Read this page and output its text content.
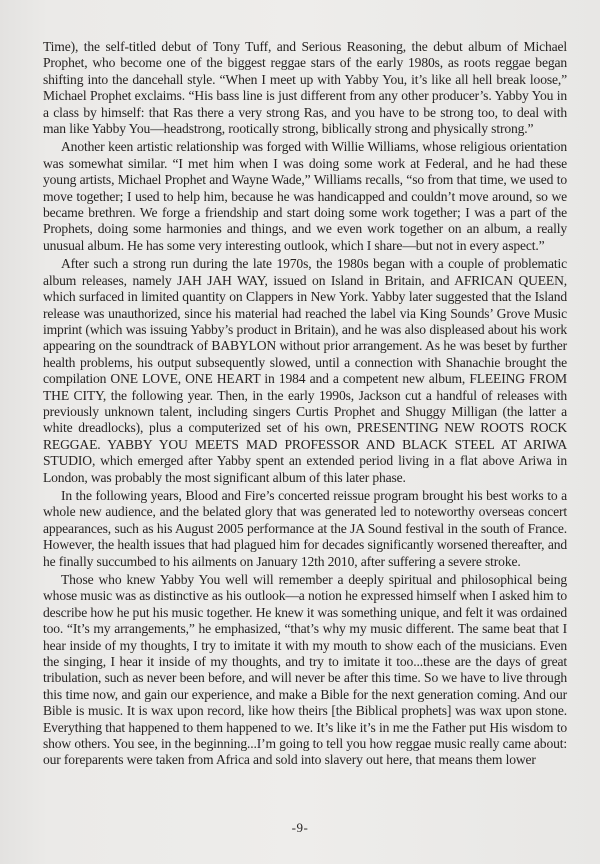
Time), the self-titled debut of Tony Tuff, and Serious Reasoning, the debut album of Michael Prophet, who become one of the biggest reggae stars of the early 1980s, as roots reggae began shifting into the dancehall style. “When I meet up with Yabby You, it’s like all hell break loose,” Michael Prophet exclaims. “His bass line is just different from any other producer’s. Yabby You in a class by himself: that Ras there a very strong Ras, and you have to be strong too, to deal with man like Yabby You—headstrong, rootically strong, biblically strong and physically strong.”

Another keen artistic relationship was forged with Willie Williams, whose religious orientation was somewhat similar. “I met him when I was doing some work at Federal, and he had these young artists, Michael Prophet and Wayne Wade,” Williams recalls, “so from that time, we used to move together; I used to help him, because he was handicapped and couldn’t move around, so we became brethren. We forge a friendship and start doing some work together; I was a part of the Prophets, doing some harmonies and things, and we even work together on an album, a really unusual album. He has some very interesting outlook, which I share—but not in every aspect.”

After such a strong run during the late 1970s, the 1980s began with a couple of problematic album releases, namely JAH JAH WAY, issued on Island in Britain, and AFRICAN QUEEN, which surfaced in limited quantity on Clappers in New York. Yabby later suggested that the Island release was unauthorized, since his material had reached the label via King Sounds’ Grove Music imprint (which was issuing Yabby’s product in Britain), and he was also displeased about his work appearing on the soundtrack of BABYLON without prior arrangement. As he was beset by further health problems, his output subsequently slowed, until a connection with Shanachie brought the compilation ONE LOVE, ONE HEART in 1984 and a competent new album, FLEEING FROM THE CITY, the following year. Then, in the early 1990s, Jackson cut a handful of releases with previously unknown talent, including singers Curtis Prophet and Shuggy Milligan (the latter a white dreadlocks), plus a computerized set of his own, PRESENTING NEW ROOTS ROCK REGGAE. YABBY YOU MEETS MAD PROFESSOR AND BLACK STEEL AT ARIWA STUDIO, which emerged after Yabby spent an extended period living in a flat above Ariwa in London, was probably the most significant album of this later phase.

In the following years, Blood and Fire’s concerted reissue program brought his best works to a whole new audience, and the belated glory that was generated led to noteworthy overseas concert appearances, such as his August 2005 performance at the JA Sound festival in the south of France. However, the health issues that had plagued him for decades significantly worsened thereafter, and he finally succumbed to his ailments on January 12th 2010, after suffering a severe stroke.

Those who knew Yabby You well will remember a deeply spiritual and philosophical being whose music was as distinctive as his outlook—a notion he expressed himself when I asked him to describe how he put his music together. He knew it was something unique, and felt it was ordained too. “It’s my arrangements,” he emphasized, “that’s why my music different. The same beat that I hear inside of my thoughts, I try to imitate it with my mouth to show each of the musicians. Even the singing, I hear it inside of my thoughts, and try to imitate it too...these are the days of great tribulation, such as never been before, and will never be after this time. So we have to live through this time now, and gain our experience, and make a Bible for the next generation coming. And our Bible is music. It is wax upon record, like how theirs [the Biblical prophets] was wax upon stone. Everything that happened to them happened to we. It’s like it’s in me the Father put His wisdom to show others. You see, in the beginning...I’m going to tell you how reggae music really came about: our foreparents were taken from Africa and sold into slavery out here, that means them lower

-9-
